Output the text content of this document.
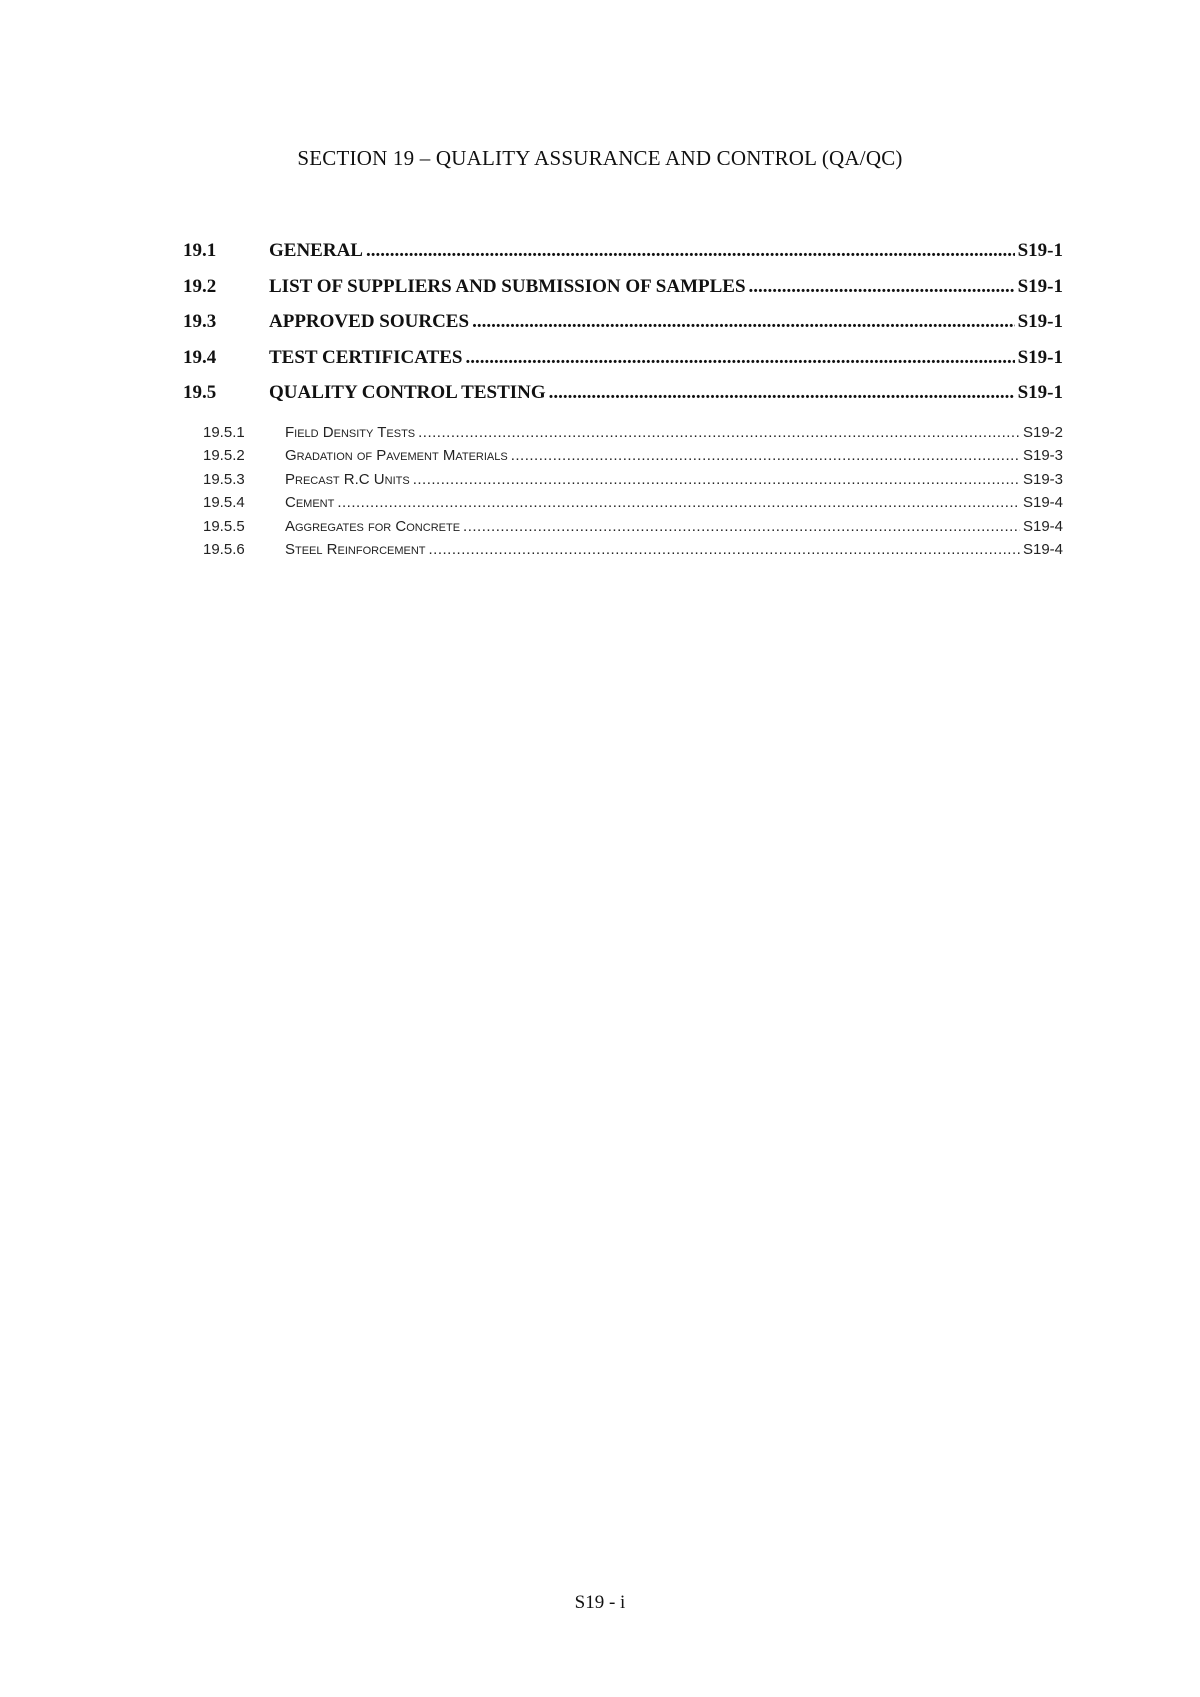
SECTION 19 – QUALITY ASSURANCE AND CONTROL (QA/QC)
19.1	GENERAL .....	S19-1
19.2	LIST OF SUPPLIERS AND SUBMISSION OF SAMPLES .....	S19-1
19.3	APPROVED SOURCES .....	S19-1
19.4	TEST CERTIFICATES .....	S19-1
19.5	QUALITY CONTROL TESTING .....	S19-1
19.5.1	Field Density Tests .....	S19-2
19.5.2	Gradation of Pavement Materials .....	S19-3
19.5.3	Precast R.C Units .....	S19-3
19.5.4	Cement .....	S19-4
19.5.5	Aggregates for Concrete .....	S19-4
19.5.6	Steel Reinforcement .....	S19-4
S19 - i
